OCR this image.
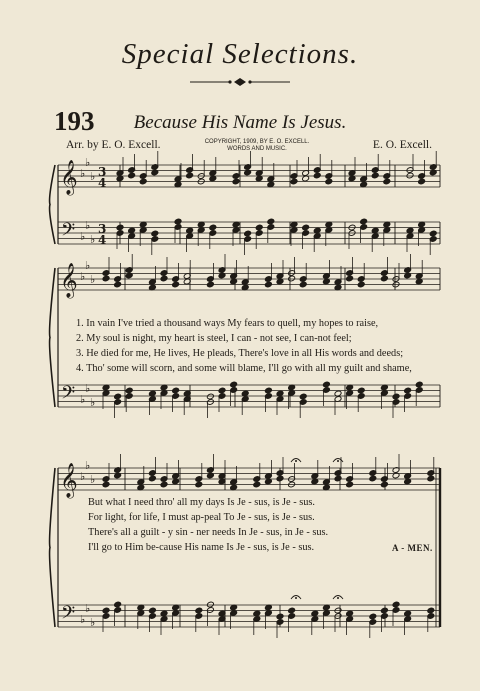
Special Selections.
193	Because His Name Is Jesus.
Arr. by E. O. Excell.	COPYRIGHT, 1909, BY E. O. EXCELL.
WORDS AND MUSIC.	E. O. Excell.
𝄞
𝄢
♭
♭
♭
♭
♭
♭
3
4
3
4
𝄞
𝄢
♭
♭
♭
♭
♭
♭
𝄞
𝄢
♭
♭
♭
♭
♭
♭
1. In vain I've tried a thousand ways My fears to quell, my hopes to raise,
2. My soul is night, my heart is steel, I can - not see, I can-not feel;
3. He died for me, He lives, He pleads, There's love in all His words and deeds;
4. Tho' some will scorn, and some will blame, I'll go with all my guilt and shame,
But what I need thro' all my days Is Je - sus, is Je - sus.
For light, for life, I must ap-peal To Je - sus, is Je - sus.
There's all a guilt - y sin - ner needs In Je - sus, in Je - sus.
I'll go to Him be-cause His name Is Je - sus, is Je - sus.	A - MEN.
